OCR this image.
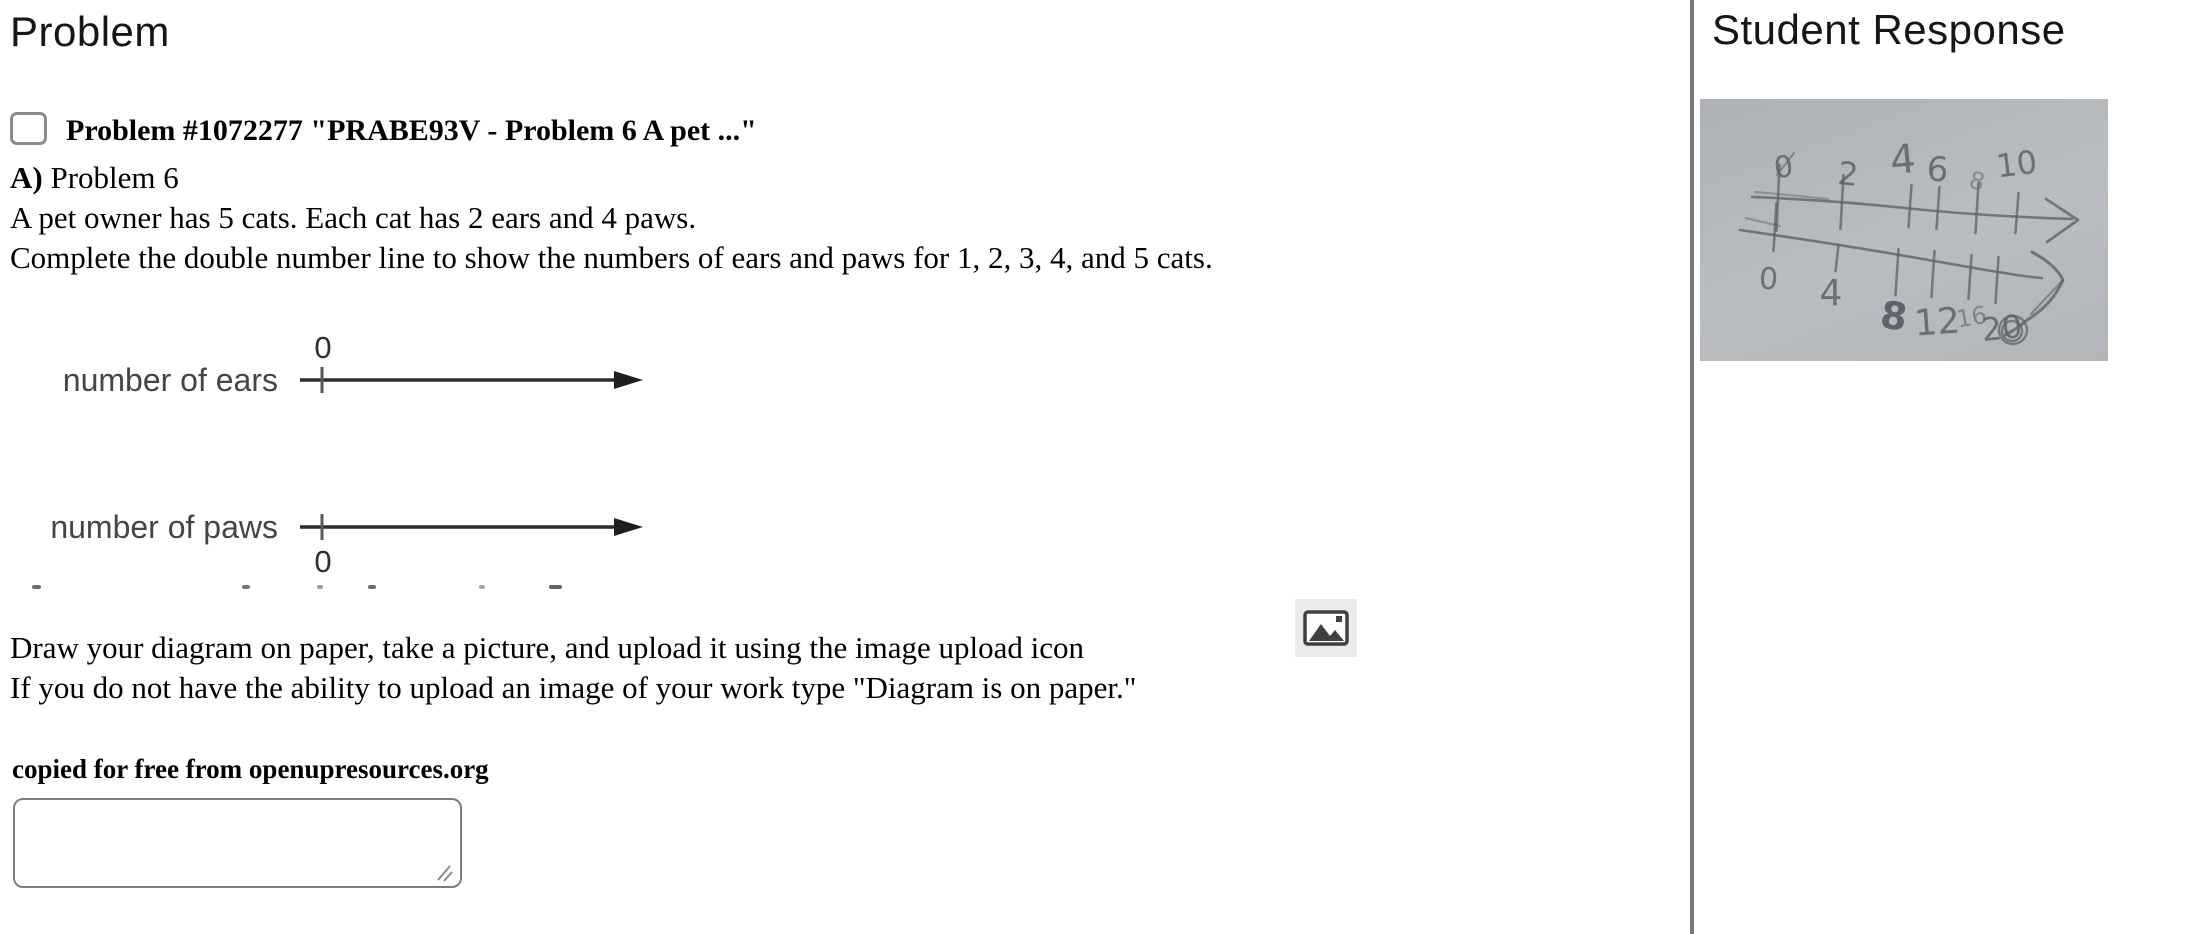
Problem
Problem #1072277 "PRABE93V - Problem 6 A pet ..."
A) Problem 6
A pet owner has 5 cats. Each cat has 2 ears and 4 paws.
Complete the double number line to show the numbers of ears and paws for 1, 2, 3, 4, and 5 cats.
0
number of ears
number of paws
0
Draw your diagram on paper, take a picture, and upload it using the image upload icon
If you do not have the ability to upload an image of your work type "Diagram is on paper."
copied for free from openupresources.org
Student Response
0 2 4 6 8 10
0 4 8 12
16
20
